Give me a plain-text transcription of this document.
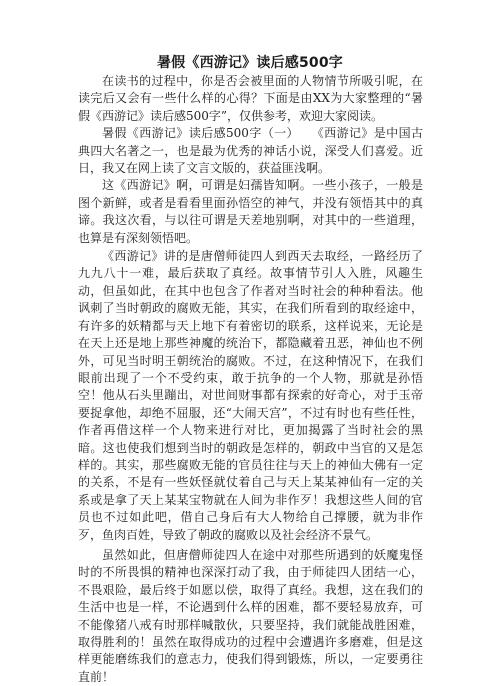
暑假《西游记》读后感500字

在读书的过程中，你是否会被里面的人物情节所吸引呢，在读完后又会有一些什么样的心得？下面是由XX为大家整理的“暑假《西游记》读后感500字”，仅供参考，欢迎大家阅读。

暑假《西游记》读后感500字（一）　　《西游记》是中国古典四大名著之一，也是最为优秀的神话小说，深受人们喜爱。近日，我又在网上读了文言文版的，获益匪浅啊。

这《西游记》啊，可谓是妇孺皆知啊。一些小孩子，一般是图个新鲜，或者是看看里面孙悟空的神气，并没有领悟其中的真谛。我这次看，与以往可谓是天差地别啊，对其中的一些道理，也算是有深刻领悟吧。

《西游记》讲的是唐僧师徒四人到西天去取经，一路经历了九九八十一难，最后获取了真经。故事情节引人入胜，风趣生动，但虽如此，在其中也包含了作者对当时社会的种种看法。他讽刺了当时朝政的腐败无能，其实，在我们所看到的取经途中，有许多的妖精都与天上地下有着密切的联系，这样说来，无论是在天上还是地上那些神魔的统治下，都隐藏着丑恶，神仙也不例外，可见当时明王朝统治的腐败。不过，在这种情况下，在我们眼前出现了一个不受约束，敢于抗争的一个人物，那就是孙悟空！他从石头里蹦出，对世间财事都有探索的好奇心，对于玉帝要捉拿他，却绝不屈服，还“大闹天宫”，不过有时也有些任性，作者再借这样一个人物来进行对比，更加揭露了当时社会的黑暗。这也使我们想到当时的朝政是怎样的，朝政中当官的又是怎样的。其实，那些腐败无能的官员往往与天上的神仙大佛有一定的关系，不是有一些妖怪就仗着自己与天上某某神仙有一定的关系或是拿了天上某某宝物就在人间为非作歹！我想这些人间的官员也不过如此吧，借自己身后有大人物给自己撑腰，就为非作歹，鱼肉百姓，导致了朝政的腐败以及社会经济不景气。

虽然如此，但唐僧师徒四人在途中对那些所遇到的妖魔鬼怪时的不所畏惧的精神也深深打动了我，由于师徒四人团结一心，不畏艰险，最后终于如愿以偿，取得了真经。我想，这在我们的生活中也是一样，不论遇到什么样的困难，都不要轻易放弃，可不能像猪八戒有时那样喊散伙，只要坚持，我们就能战胜困难，取得胜利的！虽然在取得成功的过程中会遭遇许多磨难，但是这样更能磨练我们的意志力，使我们得到锻炼，所以，一定要勇往直前！
